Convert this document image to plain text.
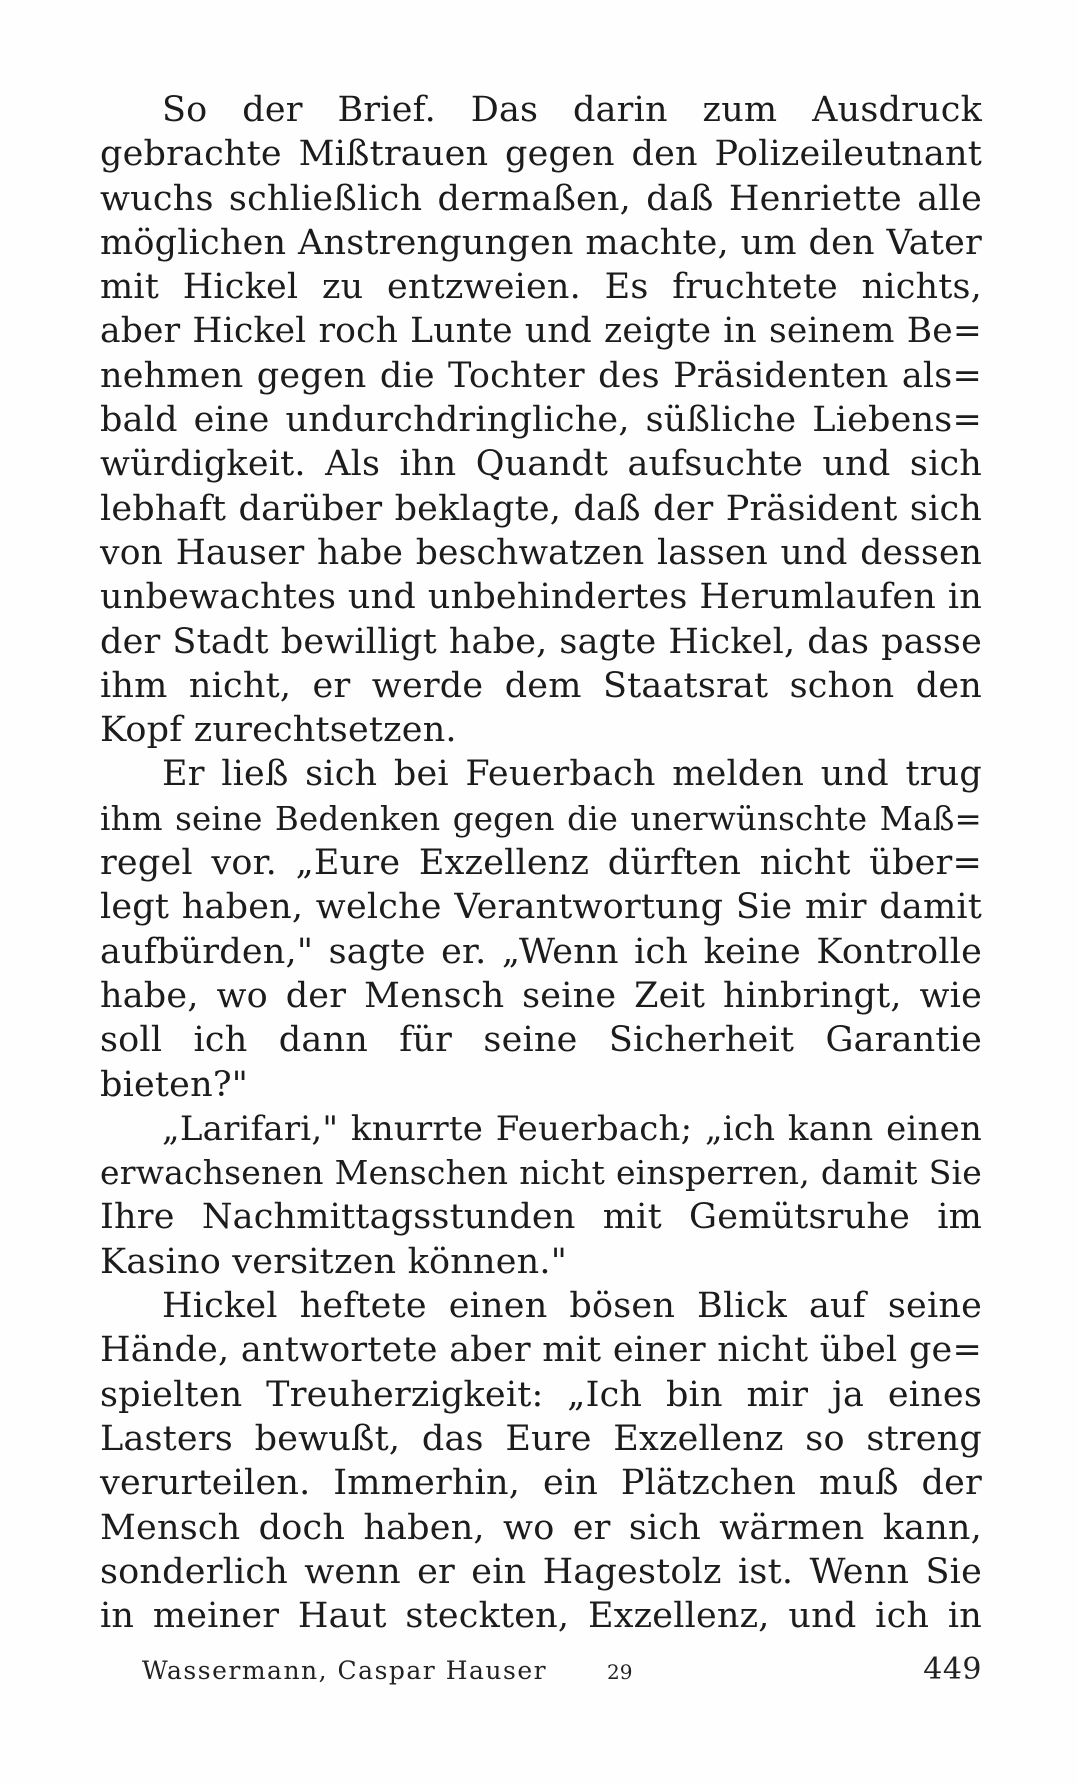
So der Brief. Das darin zum Ausdruck
gebrachte Mißtrauen gegen den Polizeileutnant
wuchs schließlich dermaßen, daß Henriette alle
möglichen Anstrengungen machte, um den Vater
mit Hickel zu entzweien. Es fruchtete nichts,
aber Hickel roch Lunte und zeigte in seinem Be=
nehmen gegen die Tochter des Präsidenten als=
bald eine undurchdringliche, süßliche Liebens=
würdigkeit. Als ihn Quandt aufsuchte und sich
lebhaft darüber beklagte, daß der Präsident sich
von Hauser habe beschwatzen lassen und dessen
unbewachtes und unbehindertes Herumlaufen in
der Stadt bewilligt habe, sagte Hickel, das passe
ihm nicht, er werde dem Staatsrat schon den
Kopf zurechtsetzen.
Er ließ sich bei Feuerbach melden und trug
ihm seine Bedenken gegen die unerwünschte Maß=
regel vor. „Eure Exzellenz dürften nicht über=
legt haben, welche Verantwortung Sie mir damit
aufbürden," sagte er. „Wenn ich keine Kontrolle
habe, wo der Mensch seine Zeit hinbringt, wie
soll ich dann für seine Sicherheit Garantie
bieten?"
„Larifari," knurrte Feuerbach; „ich kann einen
erwachsenen Menschen nicht einsperren, damit Sie
Ihre Nachmittagsstunden mit Gemütsruhe im
Kasino versitzen können."
Hickel heftete einen bösen Blick auf seine
Hände, antwortete aber mit einer nicht übel ge=
spielten Treuherzigkeit: „Ich bin mir ja eines
Lasters bewußt, das Eure Exzellenz so streng
verurteilen. Immerhin, ein Plätzchen muß der
Mensch doch haben, wo er sich wärmen kann,
sonderlich wenn er ein Hagestolz ist. Wenn Sie
in meiner Haut steckten, Exzellenz, und ich in
Wassermann, Caspar Hauser	29	449
